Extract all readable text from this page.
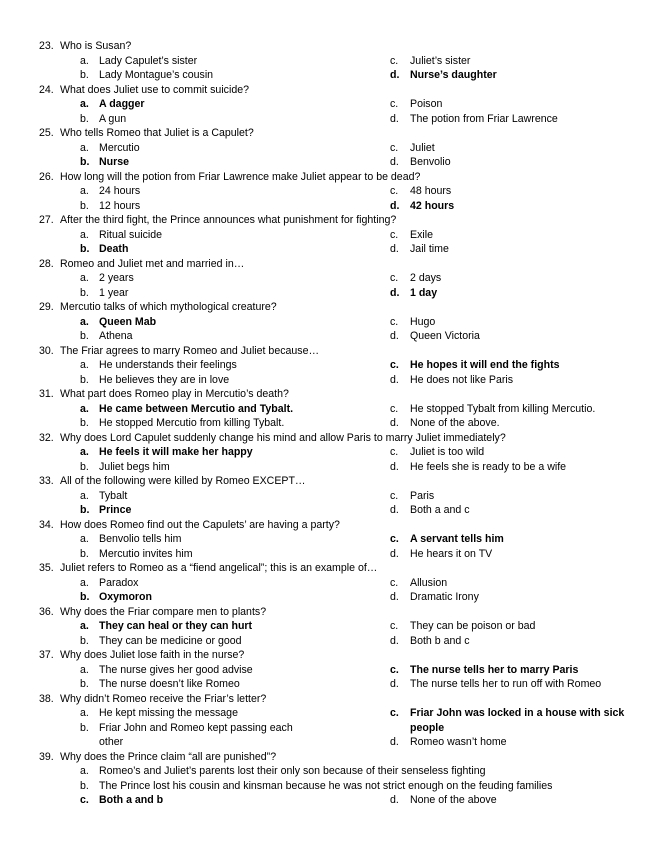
23. Who is Susan?
a. Lady Capulet’s sister	c. Juliet’s sister
b. Lady Montague’s cousin	d. Nurse’s daughter
24. What does Juliet use to commit suicide?
a. A dagger	c. Poison
b. A gun	d. The potion from Friar Lawrence
25. Who tells Romeo that Juliet is a Capulet?
a. Mercutio	c. Juliet
b. Nurse	d. Benvolio
26. How long will the potion from Friar Lawrence make Juliet appear to be dead?
a. 24 hours	c. 48 hours
b. 12 hours	d. 42 hours
27. After the third fight, the Prince announces what punishment for fighting?
a. Ritual suicide	c. Exile
b. Death	d. Jail time
28. Romeo and Juliet met and married in…
a. 2 years	c. 2 days
b. 1 year	d. 1 day
29. Mercutio talks of which mythological creature?
a. Queen Mab	c. Hugo
b. Athena	d. Queen Victoria
30. The Friar agrees to marry Romeo and Juliet because…
a. He understands their feelings	c. He hopes it will end the fights
b. He believes they are in love	d. He does not like Paris
31. What part does Romeo play in Mercutio’s death?
a. He came between Mercutio and Tybalt.	c. He stopped Tybalt from killing Mercutio.
b. He stopped Mercutio from killing Tybalt.	d. None of the above.
32. Why does Lord Capulet suddenly change his mind and allow Paris to marry Juliet immediately?
a. He feels it will make her happy	c. Juliet is too wild
b. Juliet begs him	d. He feels she is ready to be a wife
33. All of the following were killed by Romeo EXCEPT…
a. Tybalt	c. Paris
b. Prince	d. Both a and c
34. How does Romeo find out the Capulets’ are having a party?
a. Benvolio tells him	c. A servant tells him
b. Mercutio invites him	d. He hears it on TV
35. Juliet refers to Romeo as a “fiend angelical”; this is an example of…
a. Paradox	c. Allusion
b. Oxymoron	d. Dramatic Irony
36. Why does the Friar compare men to plants?
a. They can heal or they can hurt	c. They can be poison or bad
b. They can be medicine or good	d. Both b and c
37. Why does Juliet lose faith in the nurse?
a. The nurse gives her good advise	c. The nurse tells her to marry Paris
b. The nurse doesn’t like Romeo	d. The nurse tells her to run off with Romeo
38. Why didn’t Romeo receive the Friar’s letter?
a. He kept missing the message	c. Friar John was locked in a house with sick people
b. Friar John and Romeo kept passing each other	d. Romeo wasn’t home
39. Why does the Prince claim “all are punished”?
a. Romeo’s and Juliet’s parents lost their only son because of their senseless fighting
b. The Prince lost his cousin and kinsman because he was not strict enough on the feuding families
c. Both a and b	d. None of the above
